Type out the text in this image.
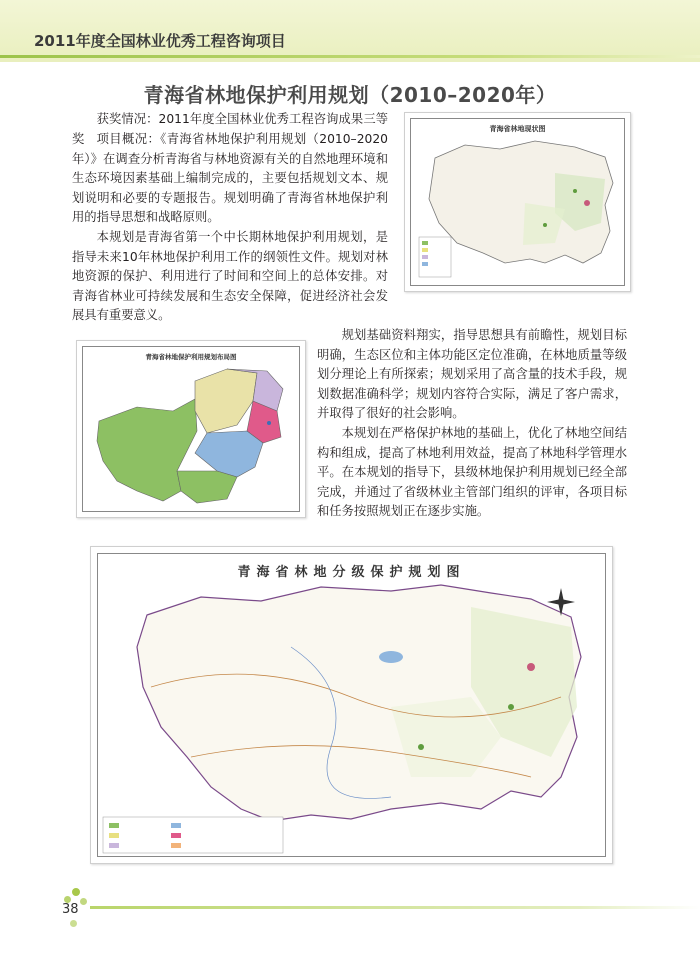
2011年度全国林业优秀工程咨询项目
青海省林地保护利用规划（2010–2020年）

获奖情况：2011年度全国林业优秀工程咨询成果三等奖 项目概况：《青海省林地保护利用规划（2010–2020年）》在调查分析青海省与林地资源有关的自然地理环境和生态环境因素基础上编制完成的，主要包括规划文本、规划说明和必要的专题报告。规划明确了青海省林地保护利用的指导思想和战略原则。

本规划是青海省第一个中长期林地保护利用规划，是指导未来10年林地保护利用工作的纲领性文件。规划对林地资源的保护、利用进行了时间和空间上的总体安排。对青海省林业可持续发展和生态安全保障，促进经济社会发展具有重要意义。

规划基础资料翔实，指导思想具有前瞻性，规划目标明确，生态区位和主体功能区定位准确，在林地质量等级划分理论上有所探索；规划采用了高含量的技术手段，规划数据准确科学；规划内容符合实际，满足了客户需求，并取得了很好的社会影响。

本规划在严格保护林地的基础上，优化了林地空间结构和组成，提高了林地利用效益，提高了林地科学管理水平。在本规划的指导下，县级林地保护利用规划已经全部完成，并通过了省级林业主管部门组织的评审，各项目标和任务按照规划正在逐步实施。

青海省林地现状图
青海省林地保护利用规划布局图
青海省林地分级保护规划图
38
